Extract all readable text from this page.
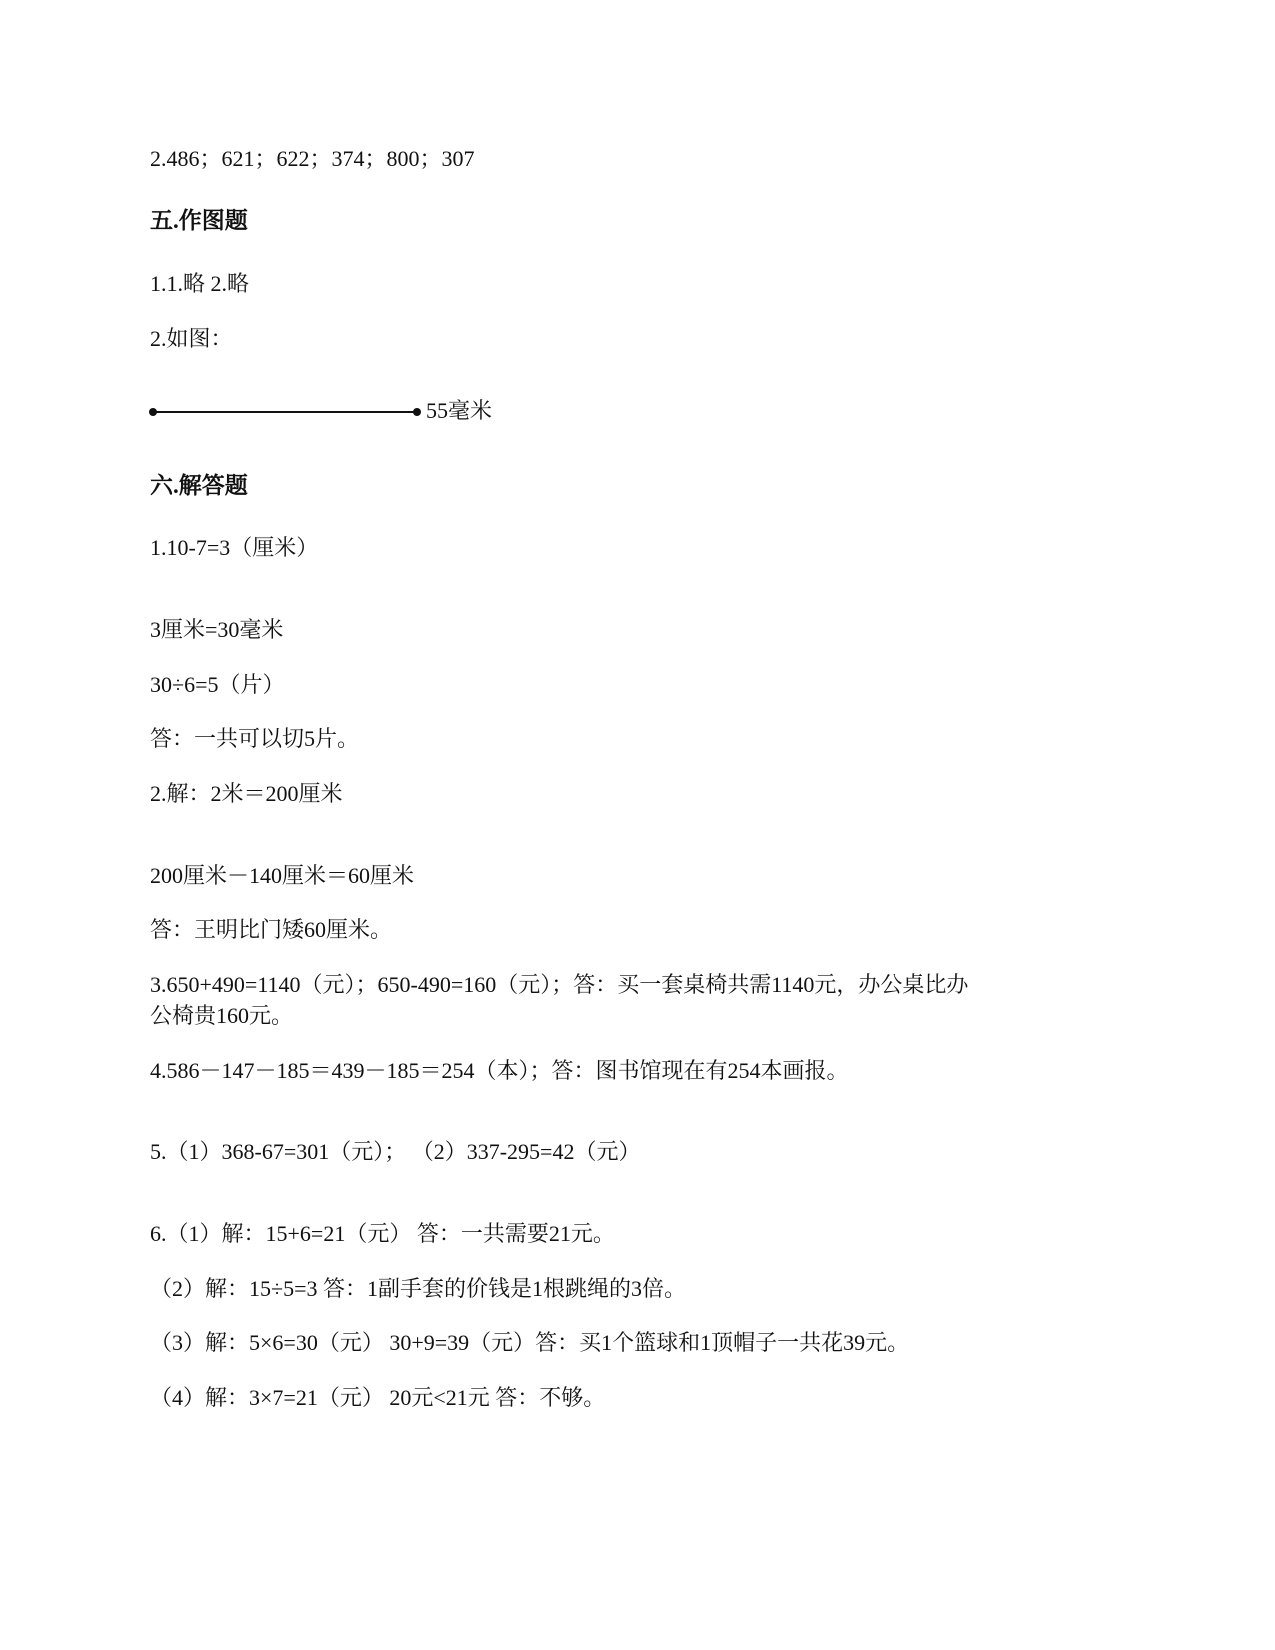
2.486；621；622；374；800；307
五.作图题
1.1.略 2.略
2.如图：
55毫米
六.解答题
1.10-7=3（厘米）
3厘米=30毫米
30÷6=5（片）
答：一共可以切5片。
2.解：2米＝200厘米
200厘米－140厘米＝60厘米
答：王明比门矮60厘米。
3.650+490=1140（元）；650-490=160（元）；答：买一套桌椅共需1140元，办公桌比办
公椅贵160元。
4.586－147－185＝439－185＝254（本）；答：图书馆现在有254本画报。
5.（1）368-67=301（元）； （2）337-295=42（元）
6.（1）解：15+6=21（元） 答：一共需要21元。
（2）解：15÷5=3 答：1副手套的价钱是1根跳绳的3倍。
（3）解：5×6=30（元） 30+9=39（元）答：买1个篮球和1顶帽子一共花39元。
（4）解：3×7=21（元） 20元<21元 答：不够。
